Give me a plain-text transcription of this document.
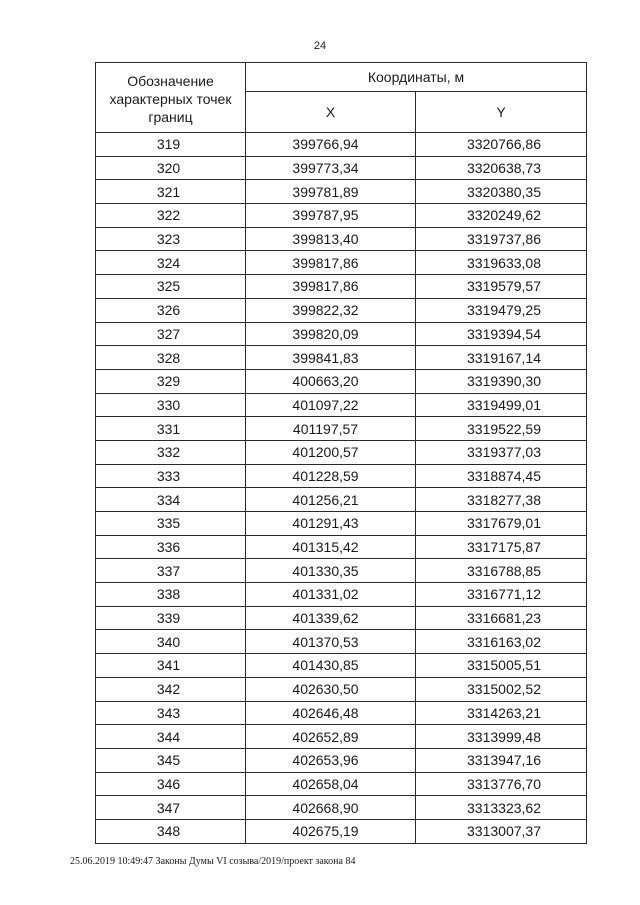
24
Обозначение характерных точек границ	Координаты, м	
	X	Y
319	399766,94	3320766,86
320	399773,34	3320638,73
321	399781,89	3320380,35
322	399787,95	3320249,62
323	399813,40	3319737,86
324	399817,86	3319633,08
325	399817,86	3319579,57
326	399822,32	3319479,25
327	399820,09	3319394,54
328	399841,83	3319167,14
329	400663,20	3319390,30
330	401097,22	3319499,01
331	401197,57	3319522,59
332	401200,57	3319377,03
333	401228,59	3318874,45
334	401256,21	3318277,38
335	401291,43	3317679,01
336	401315,42	3317175,87
337	401330,35	3316788,85
338	401331,02	3316771,12
339	401339,62	3316681,23
340	401370,53	3316163,02
341	401430,85	3315005,51
342	402630,50	3315002,52
343	402646,48	3314263,21
344	402652,89	3313999,48
345	402653,96	3313947,16
346	402658,04	3313776,70
347	402668,90	3313323,62
348	402675,19	3313007,37
25.06.2019 10:49:47 Законы Думы VI созыва/2019/проект закона 84
